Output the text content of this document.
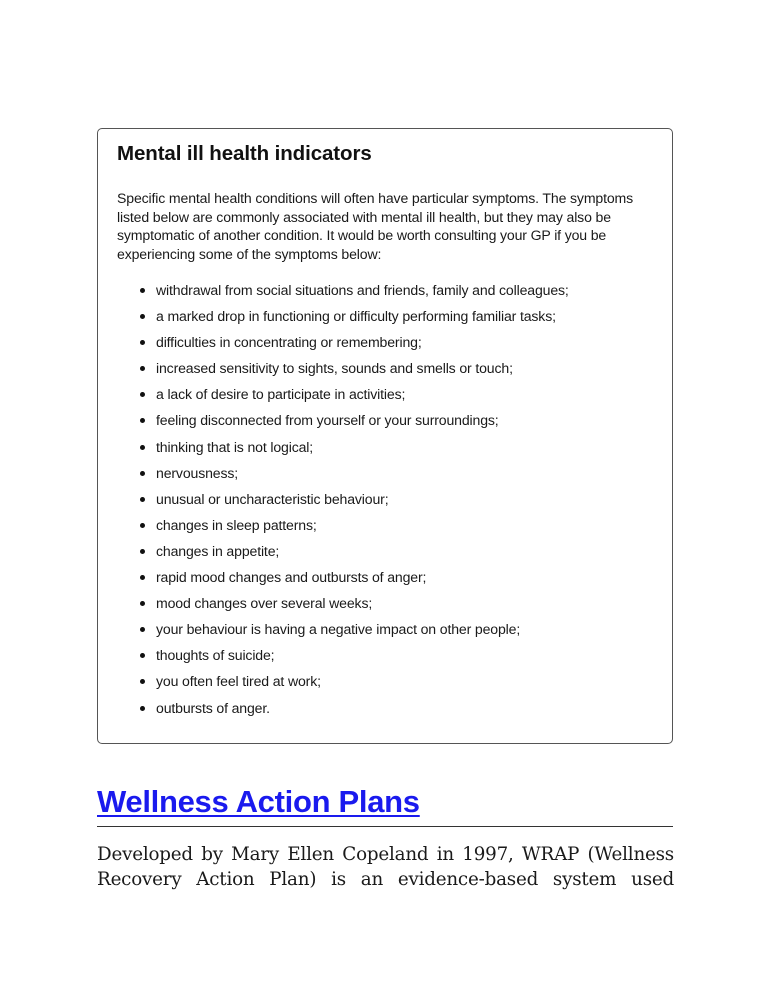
Mental ill health indicators

Specific mental health conditions will often have particular symptoms. The symptoms listed below are commonly associated with mental ill health, but they may also be symptomatic of another condition. It would be worth consulting your GP if you be experiencing some of the symptoms below:

withdrawal from social situations and friends, family and colleagues;
a marked drop in functioning or difficulty performing familiar tasks;
difficulties in concentrating or remembering;
increased sensitivity to sights, sounds and smells or touch;
a lack of desire to participate in activities;
feeling disconnected from yourself or your surroundings;
thinking that is not logical;
nervousness;
unusual or uncharacteristic behaviour;
changes in sleep patterns;
changes in appetite;
rapid mood changes and outbursts of anger;
mood changes over several weeks;
your behaviour is having a negative impact on other people;
thoughts of suicide;
you often feel tired at work;
outbursts of anger.
Wellness Action Plans

Developed by Mary Ellen Copeland in 1997, WRAP (Wellness Recovery Action Plan) is an evidence-based system used
